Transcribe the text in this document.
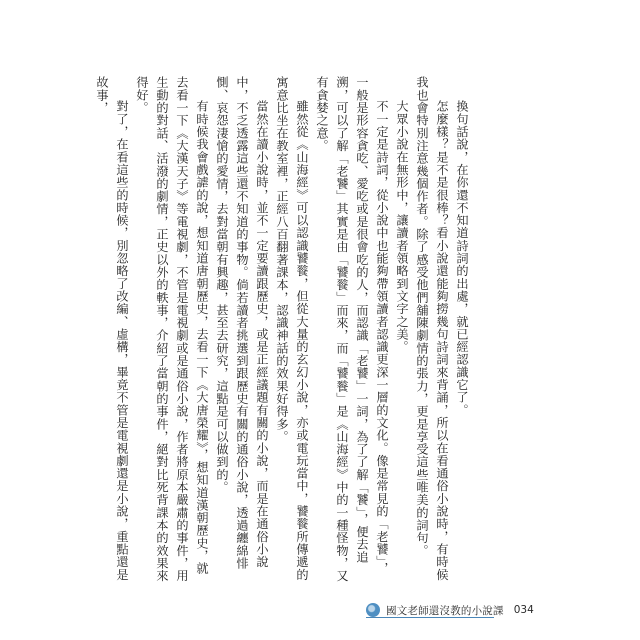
換句話說，在你還不知道詩詞的出處，就已經認識它了。

怎麼樣？是不是很棒？看小說還能夠撈幾句詩詞來背誦，所以在看通俗小說時，有時候我也會特別注意幾個作者。除了感受他們舖陳劇情的張力，更是享受這些唯美的詞句。

大眾小說在無形中，讓讀者領略到文字之美。

不一定是詩詞，從小說中也能夠帶領讀者認識更深一層的文化。像是常見的「老饕」，一般是形容貪吃、愛吃或是很會吃的人，而認識「老饕」一詞，為了了解「饕」，便去追溯，可以了解「老饕」其實是由「饕餮」而來，而「饕餮」是《山海經》中的一種怪物，又有貪婪之意。

雖然從《山海經》可以認識饕餮，但從大量的玄幻小說，亦或電玩當中，饕餮所傳遞的寓意比坐在教室裡，正經八百翻著課本，認識神話的效果好得多。

當然在讀小說時，並不一定要讀跟歷史，或是正經議題有關的小說，而是在通俗小說中，不乏透露這些還不知道的事物。倘若讀者挑選到跟歷史有關的通俗小說，透過纏綿悱惻、哀怨淒愴的愛情，去對當朝有興趣，甚至去研究，這點是可以做到的。

有時候我會戲謔的說，想知道唐朝歷史，去看一下《大唐榮耀》，想知道漢朝歷史，就去看一下《大漢天子》等電視劇，不管是電視劇或是通俗小說，作者將原本嚴肅的事件，用生動的對話、活潑的劇情，正史以外的軼事，介紹了當朝的事件，絕對比死背課本的效果來得好。

對了，在看這些的時候，別忽略了改編、虛構，畢竟不管是電視劇還是小說，重點還是故事，

國文老師還沒教的小說課 034
